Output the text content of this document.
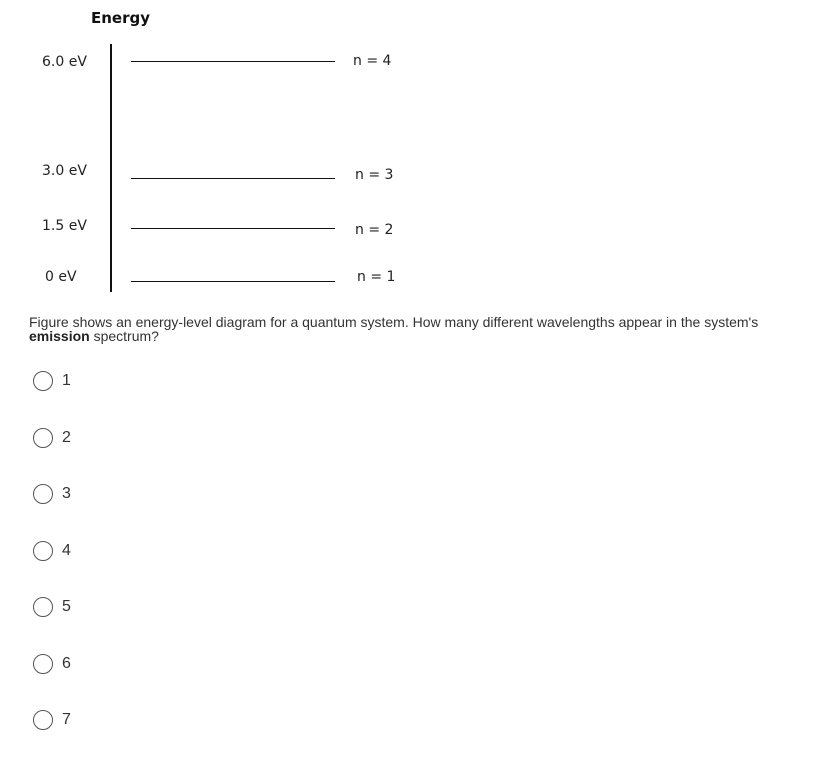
Energy
6.0 eV	n = 4
3.0 eV	n = 3
1.5 eV	n = 2
0 eV	n = 1
Figure shows an energy-level diagram for a quantum system. How many different wavelengths appear in the system's emission spectrum?
1
2
3
4
5
6
7
